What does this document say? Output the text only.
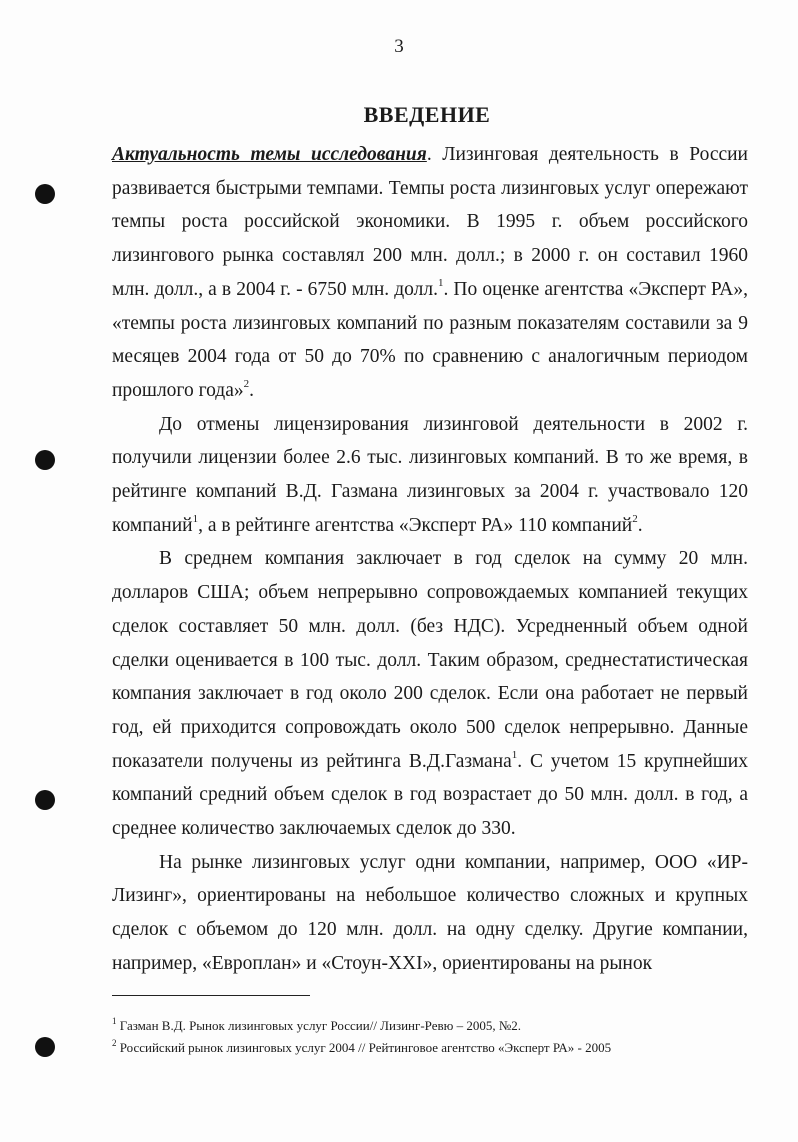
3
ВВЕДЕНИЕ

Актуальность темы исследования. Лизинговая деятельность в России развивается быстрыми темпами. Темпы роста лизинговых услуг опережают темпы роста российской экономики. В 1995 г. объем российского лизингового рынка составлял 200 млн. долл.; в 2000 г. он составил 1960 млн. долл., а в 2004 г. - 6750 млн. долл.$^1$. По оценке агентства «Эксперт РА», «темпы роста лизинговых компаний по разным показателям составили за 9 месяцев 2004 года от 50 до 70% по сравнению с аналогичным периодом прошлого года»$^2$.

До отмены лицензирования лизинговой деятельности в 2002 г. получили лицензии более 2.6 тыс. лизинговых компаний. В то же время, в рейтинге компаний В.Д. Газмана лизинговых за 2004 г. участвовало 120 компаний$^1$, а в рейтинге агентства «Эксперт РА» 110 компаний$^2$.

В среднем компания заключает в год сделок на сумму 20 млн. долларов США; объем непрерывно сопровождаемых компанией текущих сделок составляет 50 млн. долл. (без НДС). Усредненный объем одной сделки оценивается в 100 тыс. долл. Таким образом, среднестатистическая компания заключает в год около 200 сделок. Если она работает не первый год, ей приходится сопровождать около 500 сделок непрерывно. Данные показатели получены из рейтинга В.Д.Газмана$^1$. С учетом 15 крупнейших компаний средний объем сделок в год возрастает до 50 млн. долл. в год, а среднее количество заключаемых сделок до 330.

На рынке лизинговых услуг одни компании, например, ООО «ИР-Лизинг», ориентированы на небольшое количество сложных и крупных сделок с объемом до 120 млн. долл. на одну сделку. Другие компании, например, «Европлан» и «Стоун-XXI», ориентированы на рынок

$^1$ Газман В.Д. Рынок лизинговых услуг России// Лизинг-Ревю – 2005, №2.

$^2$ Российский рынок лизинговых услуг 2004 // Рейтинговое агентство «Эксперт РА» - 2005
